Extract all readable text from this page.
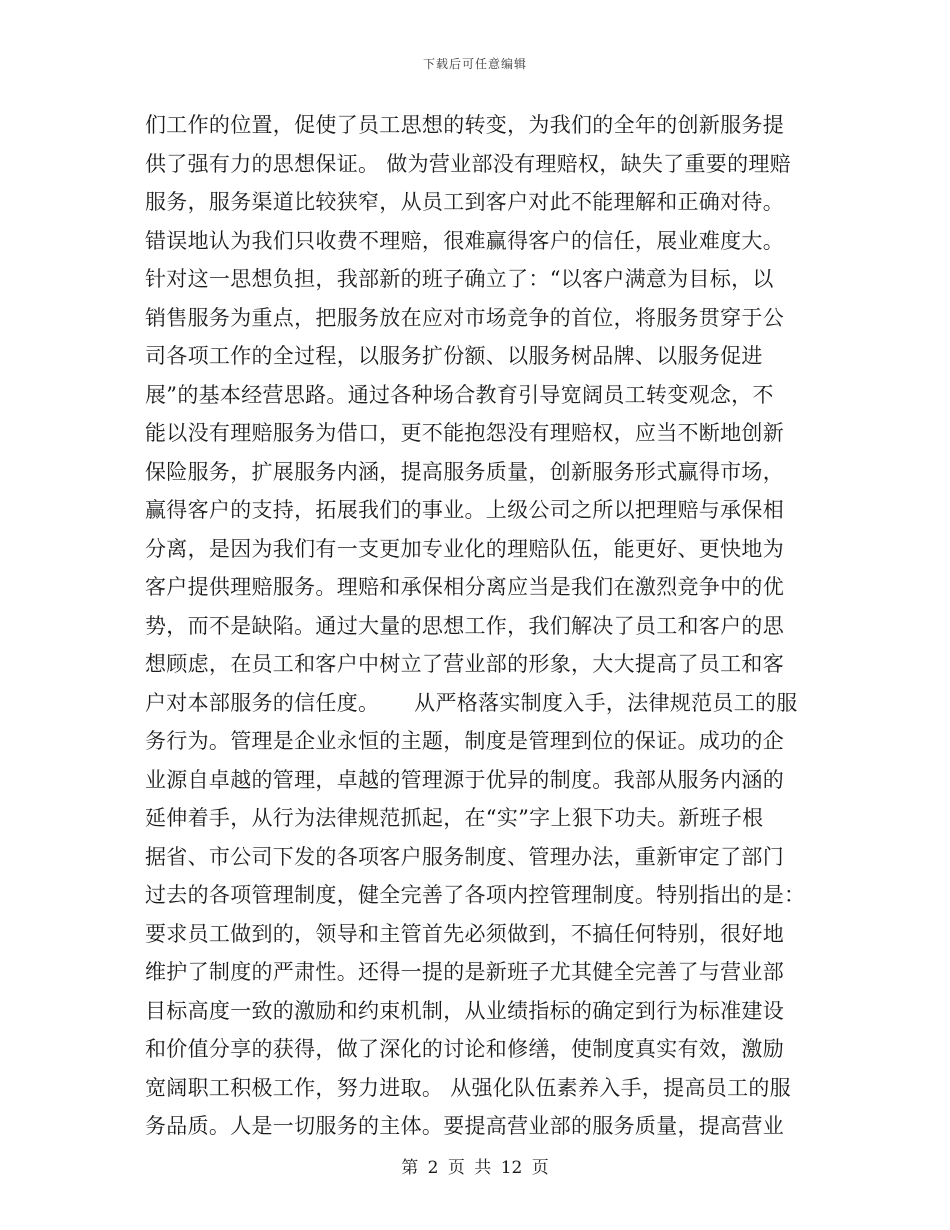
下载后可任意编辑
们工作的位置，促使了员工思想的转变，为我们的全年的创新服务提
供了强有力的思想保证。 做为营业部没有理赔权，缺失了重要的理赔
服务，服务渠道比较狭窄，从员工到客户对此不能理解和正确对待。
错误地认为我们只收费不理赔，很难赢得客户的信任，展业难度大。
针对这一思想负担，我部新的班子确立了：“以客户满意为目标，以
销售服务为重点，把服务放在应对市场竞争的首位，将服务贯穿于公
司各项工作的全过程，以服务扩份额、以服务树品牌、以服务促进
展”的基本经营思路。通过各种场合教育引导宽阔员工转变观念，不
能以没有理赔服务为借口，更不能抱怨没有理赔权，应当不断地创新
保险服务，扩展服务内涵，提高服务质量，创新服务形式赢得市场，
赢得客户的支持，拓展我们的事业。上级公司之所以把理赔与承保相
分离，是因为我们有一支更加专业化的理赔队伍，能更好、更快地为
客户提供理赔服务。理赔和承保相分离应当是我们在激烈竞争中的优
势，而不是缺陷。通过大量的思想工作，我们解决了员工和客户的思
想顾虑，在员工和客户中树立了营业部的形象，大大提高了员工和客
户对本部服务的信任度。     从严格落实制度入手，法律规范员工的服
务行为。管理是企业永恒的主题，制度是管理到位的保证。成功的企
业源自卓越的管理，卓越的管理源于优异的制度。我部从服务内涵的
延伸着手，从行为法律规范抓起，在“实”字上狠下功夫。新班子根
据省、市公司下发的各项客户服务制度、管理办法，重新审定了部门
过去的各项管理制度，健全完善了各项内控管理制度。特别指出的是：
要求员工做到的，领导和主管首先必须做到，不搞任何特别，很好地
维护了制度的严肃性。还得一提的是新班子尤其健全完善了与营业部
目标高度一致的激励和约束机制，从业绩指标的确定到行为标准建设
和价值分享的获得，做了深化的讨论和修缮，使制度真实有效，激励
宽阔职工积极工作，努力进取。 从强化队伍素养入手，提高员工的服
务品质。人是一切服务的主体。要提高营业部的服务质量，提高营业
第 2 页 共 12 页
